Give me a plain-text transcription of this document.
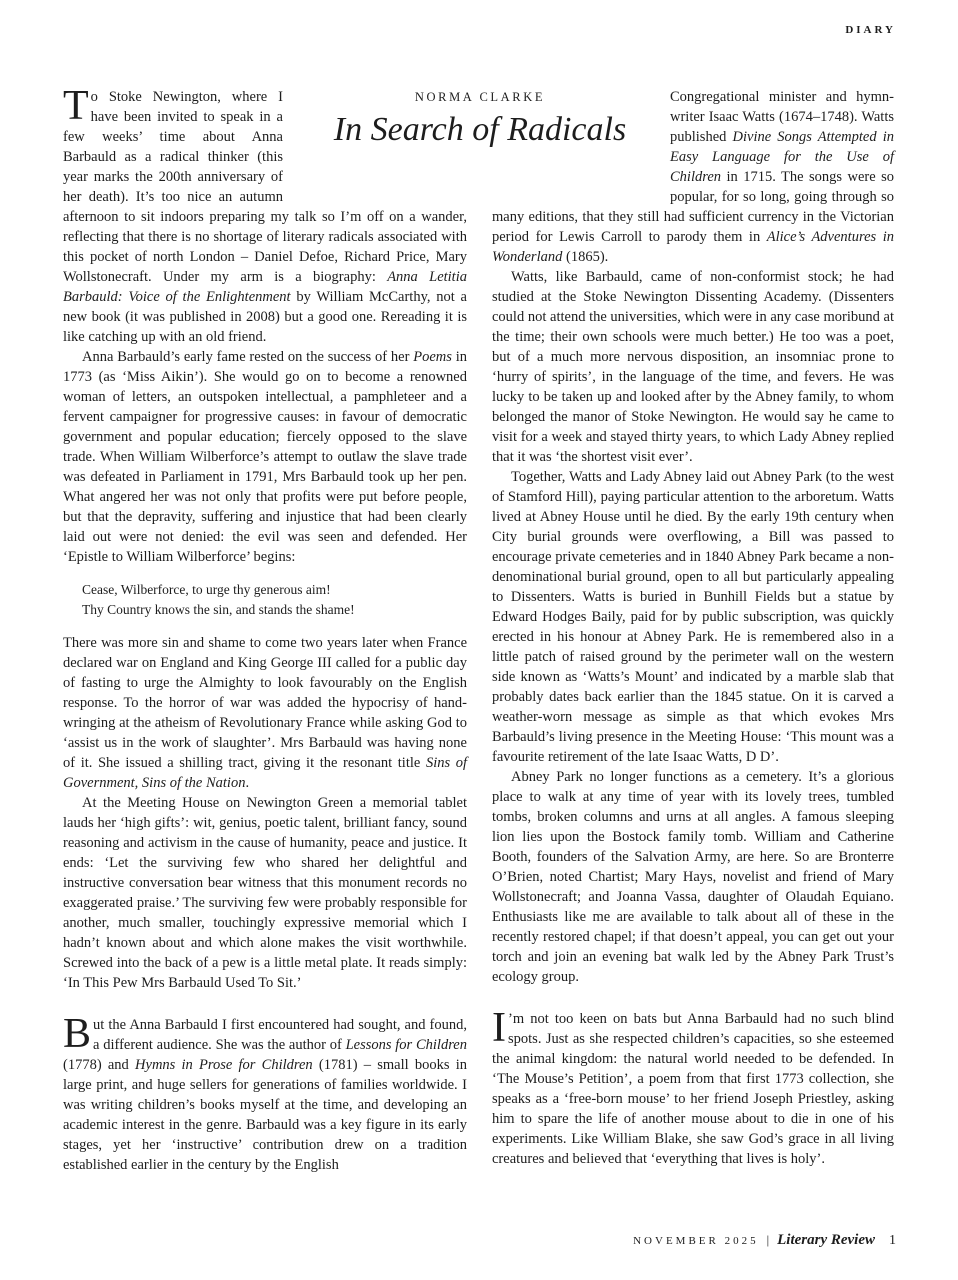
DIARY
NORMA CLARKE
In Search of Radicals

To Stoke Newington, where I have been invited to speak in a few weeks’ time about Anna Barbauld as a radical thinker (this year marks the 200th anniversary of her death). It’s too nice an autumn afternoon to sit indoors preparing my talk so I’m off on a wander, reflecting that there is no shortage of literary radicals associated with this pocket of north London – Daniel Defoe, Richard Price, Mary Wollstonecraft. Under my arm is a biography: Anna Letitia Barbauld: Voice of the Enlightenment by William McCarthy, not a new book (it was published in 2008) but a good one. Rereading it is like catching up with an old friend.

Anna Barbauld’s early fame rested on the success of her Poems in 1773 (as ‘Miss Aikin’). She would go on to become a renowned woman of letters, an outspoken intellectual, a pamphleteer and a fervent campaigner for progressive causes: in favour of democratic government and popular education; fiercely opposed to the slave trade. When William Wilberforce’s attempt to outlaw the slave trade was defeated in Parliament in 1791, Mrs Barbauld took up her pen. What angered her was not only that profits were put before people, but that the depravity, suffering and injustice that had been clearly laid out were not denied: the evil was seen and defended. Her ‘Epistle to William Wilberforce’ begins:

Cease, Wilberforce, to urge thy generous aim!
Thy Country knows the sin, and stands the shame!

There was more sin and shame to come two years later when France declared war on England and King George III called for a public day of fasting to urge the Almighty to look favourably on the English response. To the horror of war was added the hypocrisy of hand-wringing at the atheism of Revolutionary France while asking God to ‘assist us in the work of slaughter’. Mrs Barbauld was having none of it. She issued a shilling tract, giving it the resonant title Sins of Government, Sins of the Nation.

At the Meeting House on Newington Green a memorial tablet lauds her ‘high gifts’: wit, genius, poetic talent, brilliant fancy, sound reasoning and activism in the cause of humanity, peace and justice. It ends: ‘Let the surviving few who shared her delightful and instructive conversation bear witness that this monument records no exaggerated praise.’ The surviving few were probably responsible for another, much smaller, touchingly expressive memorial which I hadn’t known about and which alone makes the visit worthwhile. Screwed into the back of a pew is a little metal plate. It reads simply: ‘In This Pew Mrs Barbauld Used To Sit.’

But the Anna Barbauld I first encountered had sought, and found, a different audience. She was the author of Lessons for Children (1778) and Hymns in Prose for Children (1781) – small books in large print, and huge sellers for generations of families worldwide. I was writing children’s books myself at the time, and developing an academic interest in the genre. Barbauld was a key figure in its early stages, yet her ‘instructive’ contribution drew on a tradition established earlier in the century by the English

Congregational minister and hymn-writer Isaac Watts (1674–1748). Watts published Divine Songs Attempted in Easy Language for the Use of Children in 1715. The songs were so popular, for so long, going through so many editions, that they still had sufficient currency in the Victorian period for Lewis Carroll to parody them in Alice’s Adventures in Wonderland (1865).

Watts, like Barbauld, came of non-conformist stock; he had studied at the Stoke Newington Dissenting Academy. (Dissenters could not attend the universities, which were in any case moribund at the time; their own schools were much better.) He too was a poet, but of a much more nervous disposition, an insomniac prone to ‘hurry of spirits’, in the language of the time, and fevers. He was lucky to be taken up and looked after by the Abney family, to whom belonged the manor of Stoke Newington. He would say he came to visit for a week and stayed thirty years, to which Lady Abney replied that it was ‘the shortest visit ever’.

Together, Watts and Lady Abney laid out Abney Park (to the west of Stamford Hill), paying particular attention to the arboretum. Watts lived at Abney House until he died. By the early 19th century when City burial grounds were overflowing, a Bill was passed to encourage private cemeteries and in 1840 Abney Park became a non-denominational burial ground, open to all but particularly appealing to Dissenters. Watts is buried in Bunhill Fields but a statue by Edward Hodges Baily, paid for by public subscription, was quickly erected in his honour at Abney Park. He is remembered also in a little patch of raised ground by the perimeter wall on the western side known as ‘Watts’s Mount’ and indicated by a marble slab that probably dates back earlier than the 1845 statue. On it is carved a weather-worn message as simple as that which evokes Mrs Barbauld’s living presence in the Meeting House: ‘This mount was a favourite retirement of the late Isaac Watts, D D’.

Abney Park no longer functions as a cemetery. It’s a glorious place to walk at any time of year with its lovely trees, tumbled tombs, broken columns and urns at all angles. A famous sleeping lion lies upon the Bostock family tomb. William and Catherine Booth, founders of the Salvation Army, are here. So are Bronterre O’Brien, noted Chartist; Mary Hays, novelist and friend of Mary Wollstonecraft; and Joanna Vassa, daughter of Olaudah Equiano. Enthusiasts like me are available to talk about all of these in the recently restored chapel; if that doesn’t appeal, you can get out your torch and join an evening bat walk led by the Abney Park Trust’s ecology group.

I ’m not too keen on bats but Anna Barbauld had no such blind spots. Just as she respected children’s capacities, so she esteemed the animal kingdom: the natural world needed to be defended. In ‘The Mouse’s Petition’, a poem from that first 1773 collection, she speaks as a ‘free-born mouse’ to her friend Joseph Priestley, asking him to spare the life of another mouse about to die in one of his experiments. Like William Blake, she saw God’s grace in all living creatures and believed that ‘everything that lives is holy’.

NOVEMBER 2025 | Literary Review 1
